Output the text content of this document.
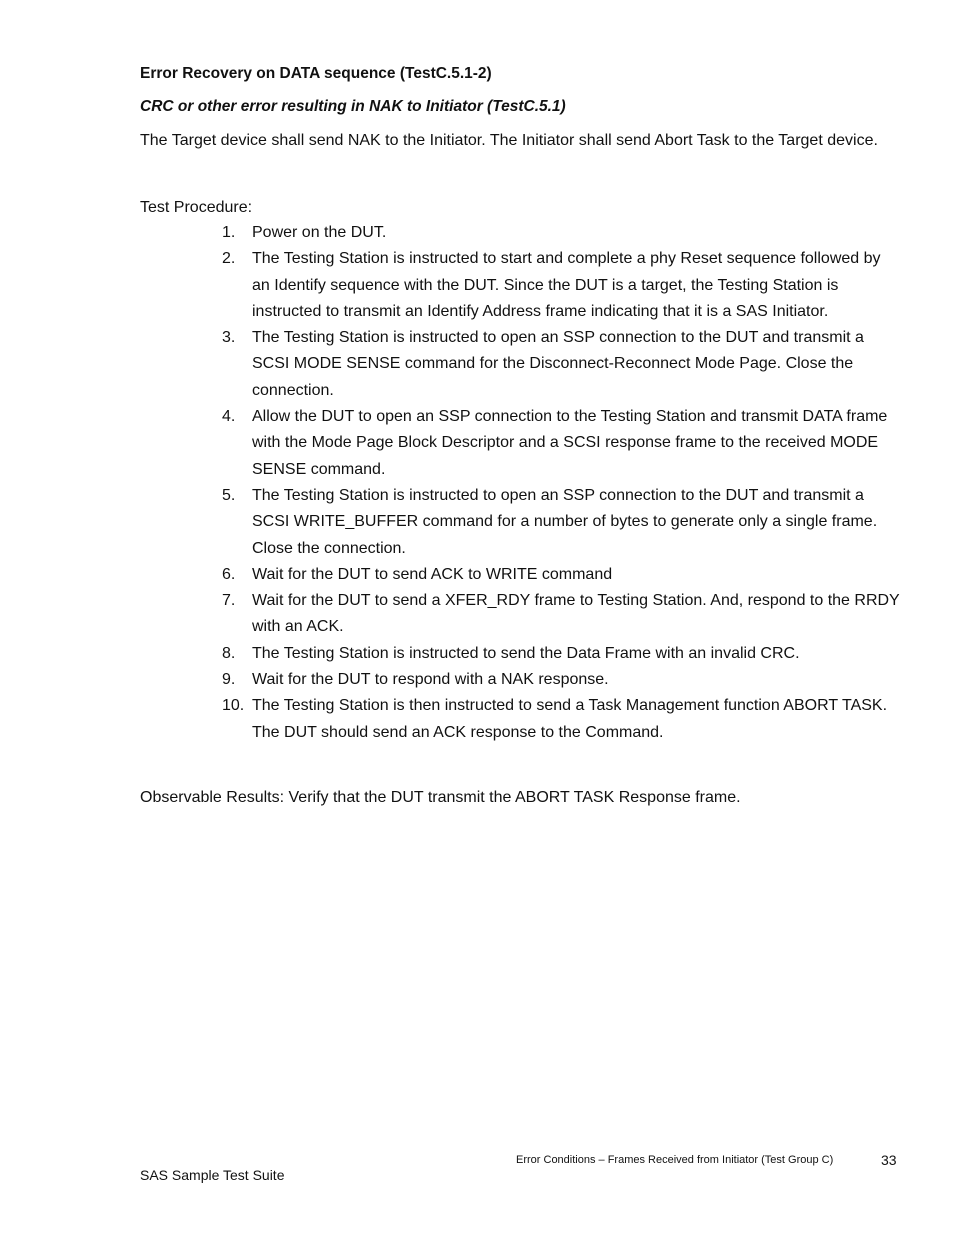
Error Recovery on DATA sequence (TestC.5.1-2)
CRC or other error resulting in NAK to Initiator (TestC.5.1)

The Target device shall send NAK to the Initiator. The Initiator shall send Abort Task to the Target device.

Test Procedure:

1. Power on the DUT.
2. The Testing Station is instructed to start and complete a phy Reset sequence followed by an Identify sequence with the DUT. Since the DUT is a target, the Testing Station is instructed to transmit an Identify Address frame indicating that it is a SAS Initiator.
3. The Testing Station is instructed to open an SSP connection to the DUT and transmit a SCSI MODE SENSE command for the Disconnect-Reconnect Mode Page. Close the connection.
4. Allow the DUT to open an SSP connection to the Testing Station and transmit DATA frame with the Mode Page Block Descriptor and a SCSI response frame to the received MODE SENSE command.
5. The Testing Station is instructed to open an SSP connection to the DUT and transmit a SCSI WRITE_BUFFER command for a number of bytes to generate only a single frame. Close the connection.
6. Wait for the DUT to send ACK to WRITE command
7. Wait for the DUT to send a XFER_RDY frame to Testing Station. And, respond to the RRDY with an ACK.
8. The Testing Station is instructed to send the Data Frame with an invalid CRC.
9. Wait for the DUT to respond with a NAK response.
10. The Testing Station is then instructed to send a Task Management function ABORT TASK. The DUT should send an ACK response to the Command.

Observable Results: Verify that the DUT transmit the ABORT TASK Response frame.

Error Conditions – Frames Received from Initiator (Test Group C)	33
SAS Sample Test Suite
